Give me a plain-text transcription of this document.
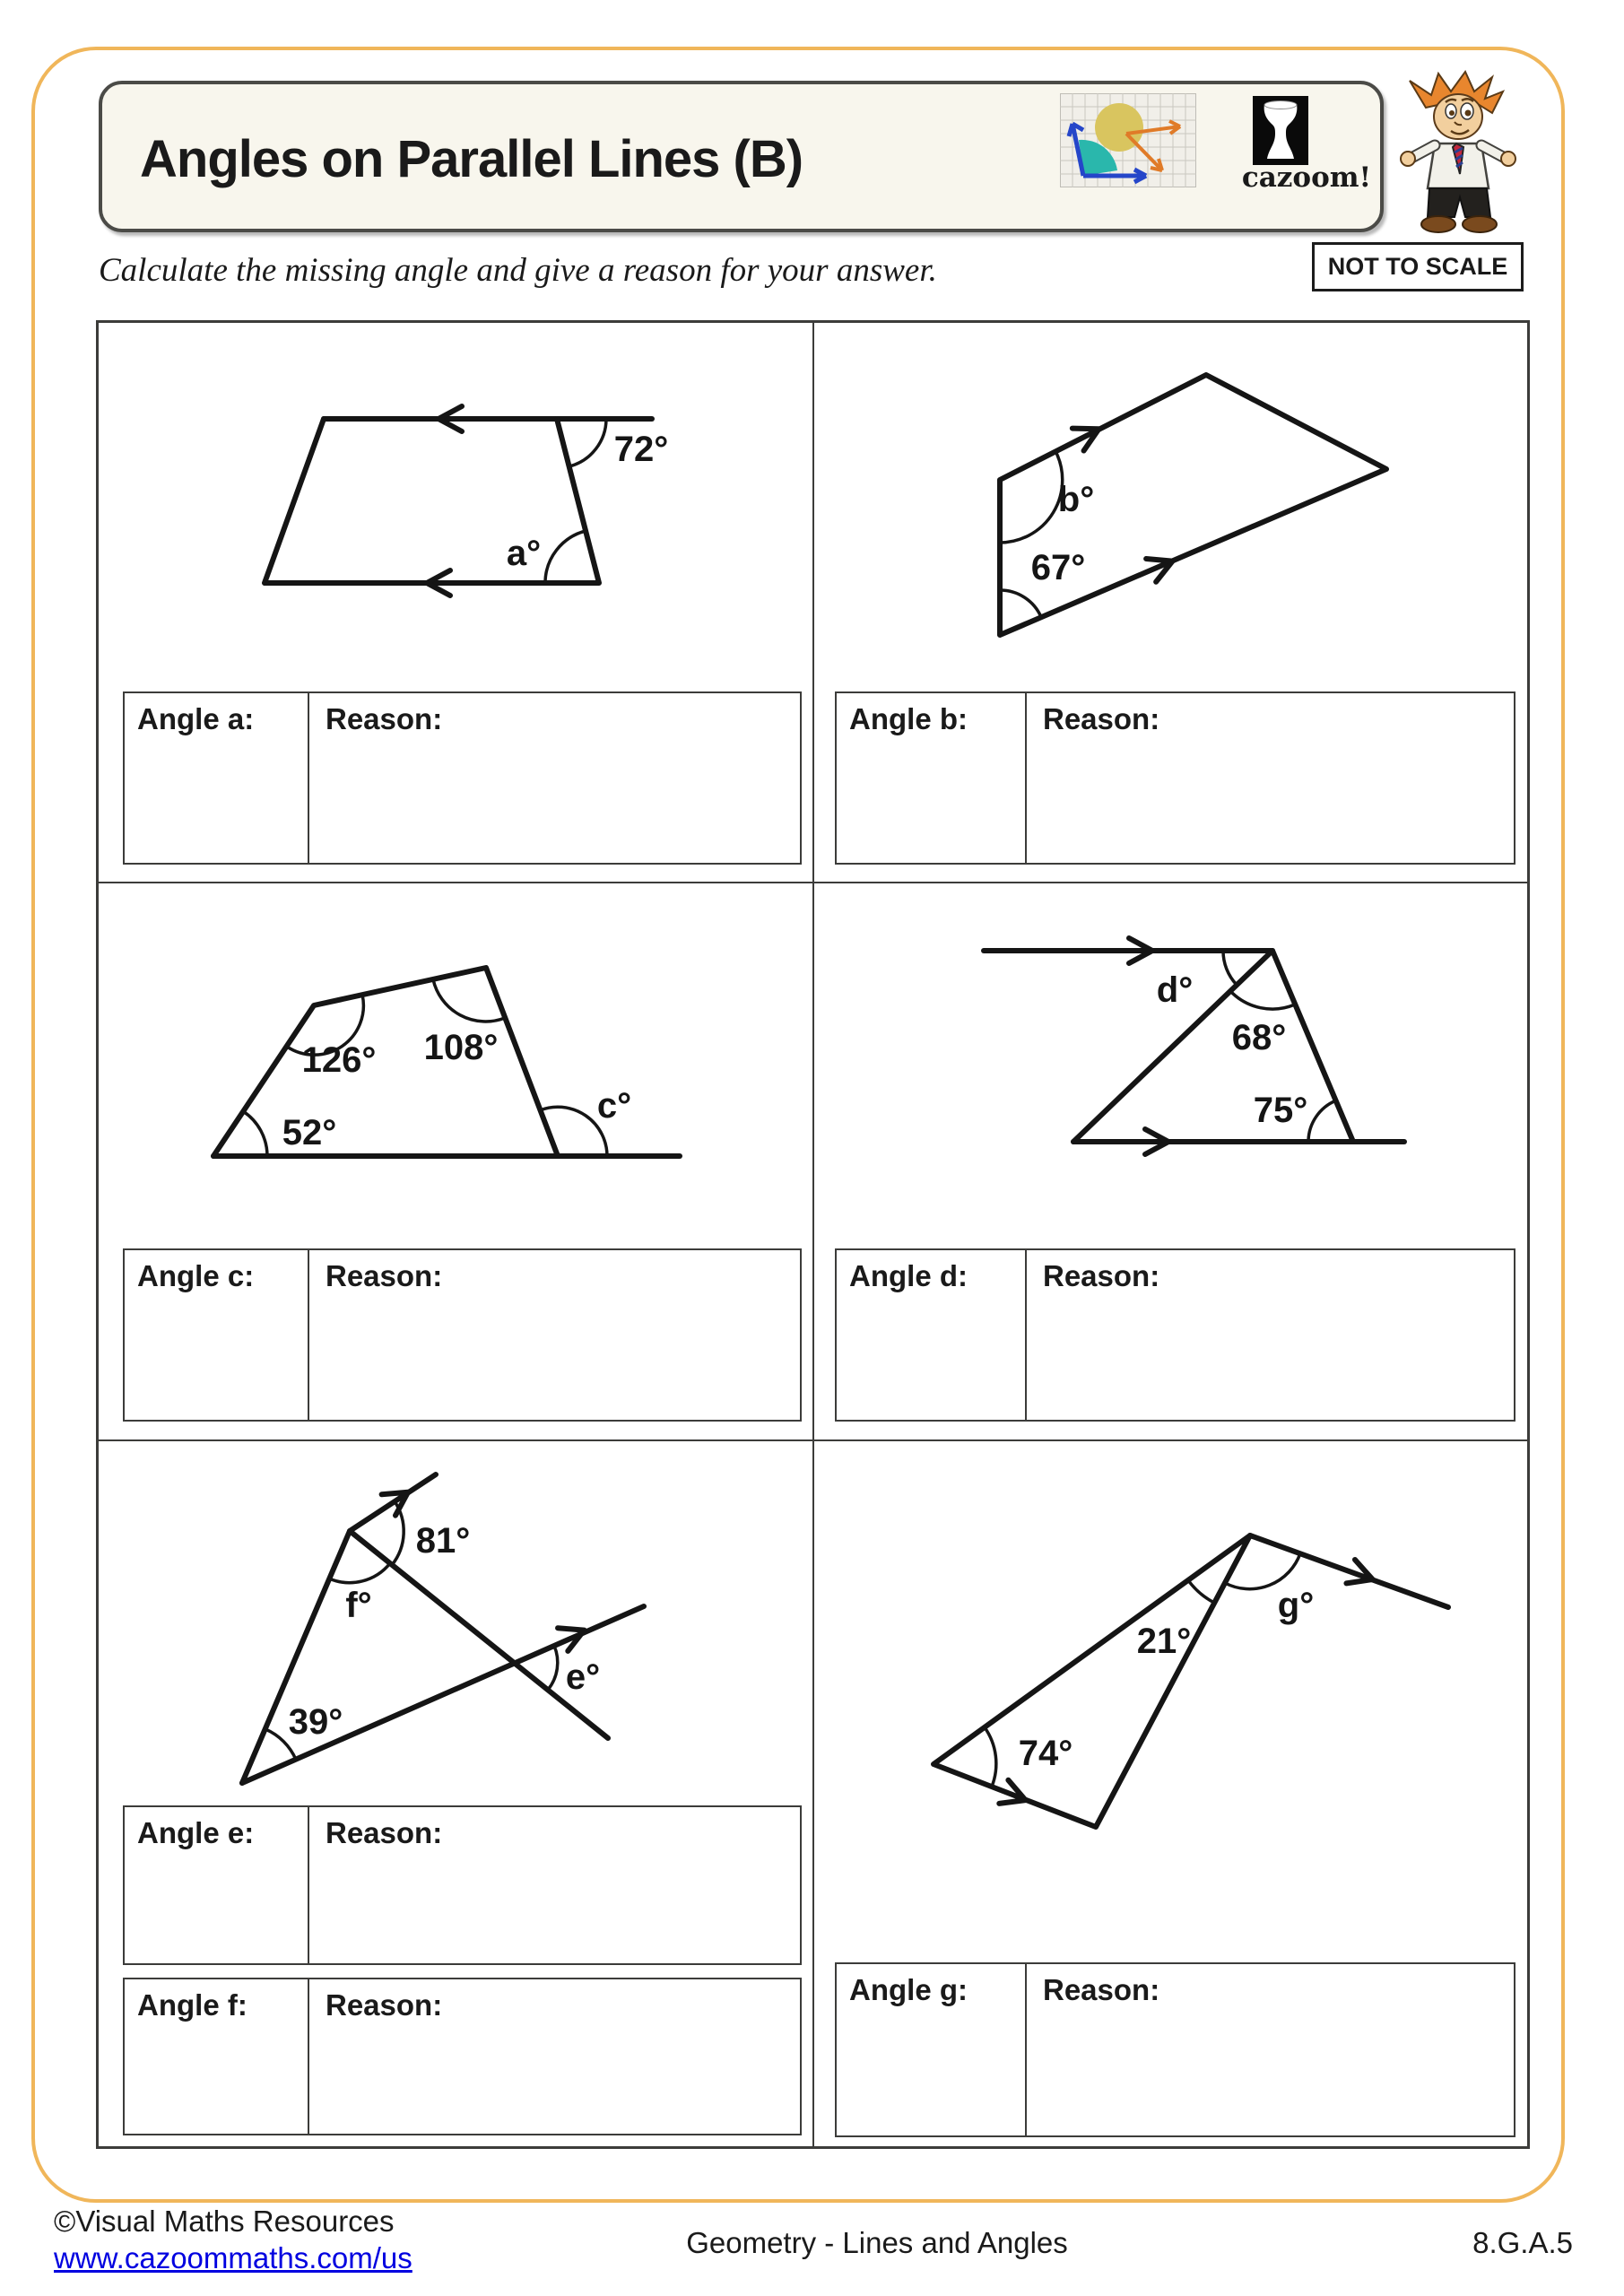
Angles on Parallel Lines (B)	cazoom!
NOT TO SCALE
Calculate the missing angle and give a reason for your answer.
72°
a°
Angle a:	Reason:
b°
67°
Angle b:	Reason:
126° 108°
52°
c°
Angle c:	Reason:
d°
68°
75°
Angle d:	Reason:
81°
f°
e°
39°
Angle e:	Reason:
Angle f:	Reason:
21°
g°
74°
Angle g:	Reason:
©Visual Maths Resources
www.cazoommaths.com/us	Geometry - Lines and Angles	8.G.A.5
